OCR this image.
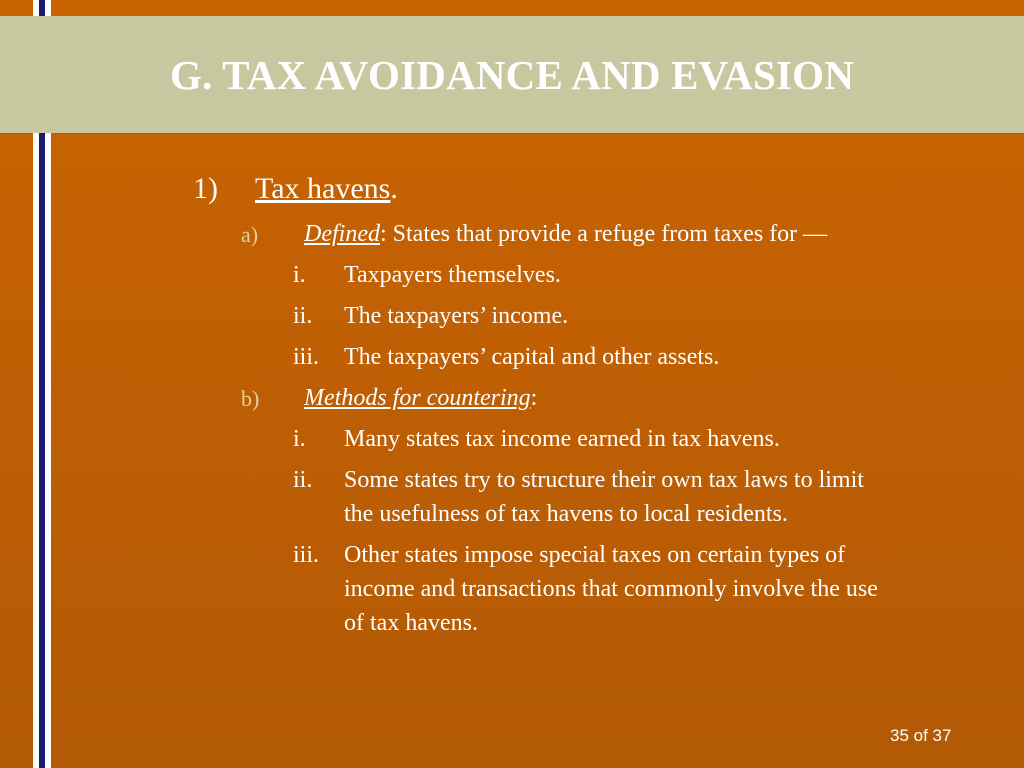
G. TAX AVOIDANCE AND EVASION
1) Tax havens.
a) Defined: States that provide a refuge from taxes for —
i. Taxpayers themselves.
ii. The taxpayers’ income.
iii. The taxpayers’ capital and other assets.
b) Methods for countering:
i. Many states tax income earned in tax havens.
ii. Some states try to structure their own tax laws to limit
the usefulness of tax havens to local residents.
iii. Other states impose special taxes on certain types of
income and transactions that commonly involve the use
of tax havens.
35 of 37
